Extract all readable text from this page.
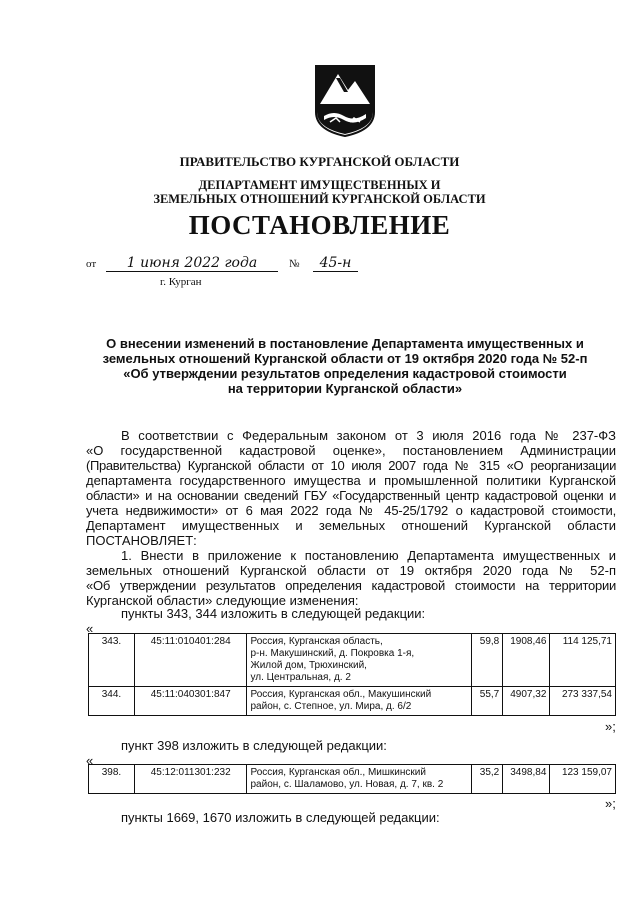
ПРАВИТЕЛЬСТВО КУРГАНСКОЙ ОБЛАСТИ
ДЕПАРТАМЕНТ ИМУЩЕСТВЕННЫХ И
ЗЕМЕЛЬНЫХ ОТНОШЕНИЙ КУРГАНСКОЙ ОБЛАСТИ
ПОСТАНОВЛЕНИЕ
от	1 июня 2022 года	№	45-н
г. Курган
О внесении изменений в постановление Департамента имущественных и
земельных отношений Курганской области от 19 октября 2020 года № 52-п
«Об утверждении результатов определения кадастровой стоимости
на территории Курганской области»
В соответствии с Федеральным законом от 3 июля 2016 года № 237-ФЗ
«О государственной кадастровой оценке», постановлением Администрации
(Правительства) Курганской области от 10 июля 2007 года № 315 «О реорганизации
департамента государственного имущества и промышленной политики Курганской
области» и на основании сведений ГБУ «Государственный центр кадастровой оценки и
учета недвижимости» от 6 мая 2022 года № 45-25/1792 о кадастровой стоимости,
Департамент имущественных и земельных отношений Курганской области
ПОСТАНОВЛЯЕТ:
1. Внести в приложение к постановлению Департамента имущественных и
земельных отношений Курганской области от 19 октября 2020 года № 52-п
«Об утверждении результатов определения кадастровой стоимости на территории
Курганской области» следующие изменения:
пункты 343, 344 изложить в следующей редакции:
«
343.	45:11:010401:284	Россия, Курганская область,
р-н. Макушинский, д. Покровка 1-я,
Жилой дом, Трюхинский,
ул. Центральная, д. 2	59,8	1908,46	114 125,71
344.	45:11:040301:847	Россия, Курганская обл., Макушинский
район, с. Степное, ул. Мира, д. 6/2	55,7	4907,32	273 337,54
»;
пункт 398 изложить в следующей редакции:
«
398.	45:12:011301:232	Россия, Курганская обл., Мишкинский
район, с. Шаламово, ул. Новая, д. 7, кв. 2
	35,2	3498,84	123 159,07
»;
пункты 1669, 1670 изложить в следующей редакции:
